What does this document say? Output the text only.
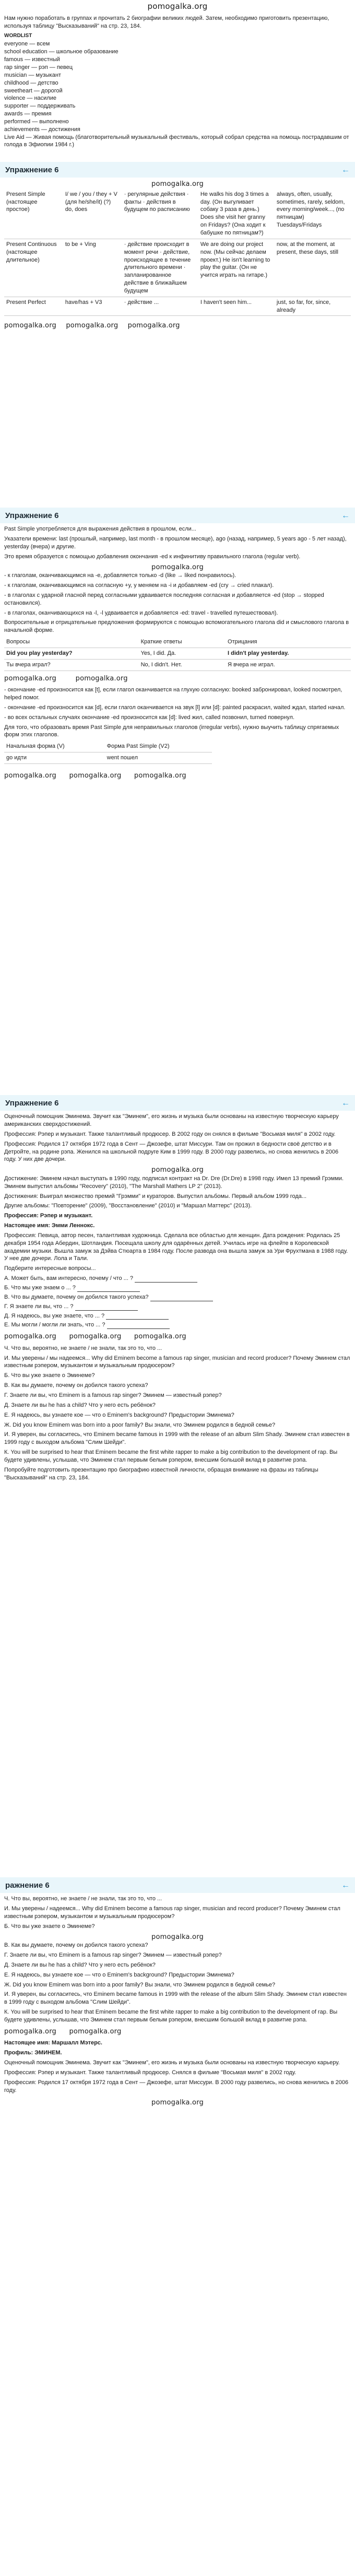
pomogalka.org

Нам нужно поработать в группах и прочитать 2 биографии великих людей. Затем, необходимо приготовить презентацию, используя таблицу "Высказываний" на стр. 23, 184.

WORDLIST
everyone — всем
school education — школьное образование
famous — известный
rap singer — рэп — певец
musician — музыкант
childhood — детство
sweetheart — дорогой
violence — насилие
supporter — поддерживать
awards — премия
performed — выполнено
achievements — достижения
Live Aid — Живая помощь (благотворительный музыкальный фестиваль, который собрал средства на помощь пострадавшим от голода в Эфиопии 1984 г.)
Упражнение 6	←
pomogalka.org
Present Simple (настоящее простое)	I/ we / you / they + V (для he/she/it) (?) do, does	· регулярные действия · факты · действия в будущем по расписанию	He walks his dog 3 times a day. (Он выгуливает собаку 3 раза в день.) Does she visit her granny on Fridays? (Она ходит к бабушке по пятницам?)	always, often, usually, sometimes, rarely, seldom, every morning/week..., (по пятницам) Tuesdays/Fridays
Present Continuous (настоящее длительное)	to be + Ving	· действие происходит в момент речи · действие, происходящее в течение длительного времени · запланированное действие в ближайшем будущем	We are doing our project now. (Мы сейчас делаем проект.) He isn't learning to play the guitar. (Он не учится играть на гитаре.)	now, at the moment, at present, these days, still
Present Perfect	have/has + V3	· действие ...	I haven't seen him...	just, so far, for, since, already
pomogalka.org pomogalka.org pomogalka.org
Упражнение 6	←

Past Simple употребляется для выражения действия в прошлом, если...

Указатели времени: last (прошлый, например, last month - в прошлом месяце), ago (назад, например, 5 years ago - 5 лет назад), yesterday (вчера) и другие.

Это время образуется с помощью добавления окончания -ed к инфинитиву правильного глагола (regular verb).

pomogalka.org

- к глаголам, оканчивающимся на -e, добавляется только -d (like → liked понравилось).

- к глаголам, оканчивающимся на согласную +y, у меняем на -i и добавляем -ed (cry → cried плакал).

- в глаголах с ударной гласной перед согласными удваивается последняя согласная и добавляется -ed (stop → stopped остановился).

- в глаголах, оканчивающихся на -l, -l удваивается и добавляется -ed: travel - travelled путешествовал).

Вопросительные и отрицательные предложения формируются с помощью вспомогательного глагола did и смыслового глагола в начальной форме.

Вопросы	Краткие ответы	Отрицания
Did you play yesterday?	Yes, I did. Да.	I didn't play yesterday.
Ты вчера играл?	No, I didn't. Нет.	Я вчера не играл.
pomogalka.org	pomogalka.org

- окончание -ed произносится как [t], если глагол оканчивается на глухую согласную: booked забронировал, looked посмотрел, helped помог.

- окончание -ed произносится как [d], если глагол оканчивается на звук [l] или [d]: painted раскрасил, waited ждал, started начал.

- во всех остальных случаях окончание -ed произносится как [d]: lived жил, called позвонил, turned повернул.

Для того, что образовать время Past Simple для неправильных глаголов (irregular verbs), нужно выучить таблицу спрягаемых форм этих глаголов.

Начальная форма (V)	Форма Past Simple (V2)
go идти	went пошел
pomogalka.org pomogalka.org pomogalka.org
Упражнение 6	←

Оценочный помощник Эминема. Звучит как "Эминем", его жизнь и музыка были основаны на известную творческую карьеру американских сверхдостижений.

Профессия: Рэпер и музыкант. Также талантливый продюсер. В 2002 году он снялся в фильме "Восьмая миля" в 2002 году.

Профессия: Родился 17 октября 1972 года в Сент — Джозефе, штат Миссури. Там он прожил в бедности своё детство и в Детройте, на родине рэпа. Женился на школьной подруге Ким в 1999 году. В 2000 году развелись, но снова женились в 2006 году. У них две дочери.

pomogalka.org

Достижение: Эминем начал выступать в 1990 году, подписал контракт на Dr. Dre (Dr.Dre) в 1998 году. Имел 13 премий Грэмми. Эминем выпустил альбомы "Recovery" (2010), "The Marshall Mathers LP 2" (2013).

Достижения: Выиграл множество премий "Грэмми" и кураторов. Выпустил альбомы. Первый альбом 1999 года...

Другие альбомы: "Повторение" (2009), "Восстановление" (2010) и "Маршал Маттерс" (2013).

Профессия: Рэпер и музыкант.

Настоящее имя: Эмми Леннокс.

Профессия: Певица, автор песен, талантливая художница. Сделала все областью для женщин. Дата рождения: Родилась 25 декабря 1954 года Абердин, Шотландия. Посещала школу для одарённых детей. Училась игре на флейте в Королевской академии музыки. Вышла замуж за Дэйва Стюарта в 1984 году. После развода она вышла замуж за Ури Фрухтмана в 1988 году. У нее две дочери. Лола и Тали.

Подберите интересные вопросы...

А. Может быть, вам интересно, почему / что ... ?
Б. Что мы уже знаем о ... ?
В. Что вы думаете, почему он добился такого успеха?
Г. Я знаете ли вы, что ... ?
Д. Я надеюсь, вы уже знаете, что ... ?
Е. Мы могли / могли ли знать, что ... ?
pomogalka.org pomogalka.org pomogalka.org

Ч. Что вы, вероятно, не знаете / не знали, так это то, что ...

И. Мы уверены / мы надеемся... Why did Eminem become a famous rap singer, musician and record producer? Почему Эминем стал известным рэпером, музыкантом и музыкальным продюсером?

Б. Что вы уже знаете о Эминеме?

В. Как вы думаете, почему он добился такого успеха?

Г. Знаете ли вы, что Eminem is a famous rap singer? Эминем — известный рэпер?

Д. Знаете ли вы he has a child? Что у него есть ребёнок?

Е. Я надеюсь, вы узнаете кое — что о Eminem's background? Предыстории Эминема?

Ж. Did you know Eminem was born into a poor family? Вы знали, что Эминем родился в бедной семье?

И. Я уверен, вы согласитесь, что Eminem became famous in 1999 with the release of an album Slim Shady. Эминем стал известен в 1999 году с выходом альбома "Слим Шейди".

К. You will be surprised to hear that Eminem became the first white rapper to make a big contribution to the development of rap. Вы будете удивлены, услышав, что Эминем стал первым белым рэпером, внесшим большой вклад в развитие рэпа.

Попробуйте подготовить презентацию про биографию известной личности, обращая внимание на фразы из таблицы "Высказываний" на стр. 23, 184.

ражнение 6	←

Ч. Что вы, вероятно, не знаете / не знали, так это то, что ...

И. Мы уверены / надеемся... Why did Eminem become a famous rap singer, musician and record producer? Почему Эминем стал известным рэпером, музыкантом и музыкальным продюсером?

Б. Что вы уже знаете о Эминеме?

pomogalka.org

В. Как вы думаете, почему он добился такого успеха?

Г. Знаете ли вы, что Eminem is a famous rap singer? Эминем — известный рэпер?

Д. Знаете ли вы he has a child? Что у него есть ребёнок?

Е. Я надеюсь, вы узнаете кое — что о Eminem's background? Предыстории Эминема?

Ж. Did you know Eminem was born into a poor family? Вы знали, что Эминем родился в бедной семье?

И. Я уверен, вы согласитесь, что Eminem became famous in 1999 with the release of the album Slim Shady. Эминем стал известен в 1999 году с выходом альбома "Слим Шейди".

К. You will be surprised to hear that Eminem became the first white rapper to make a big contribution to the development of rap. Вы будете удивлены, услышав, что Эминем стал первым белым рэпером, внесшим большой вклад в развитие рэпа.

pomogalka.org pomogalka.org

Настоящее имя: Маршалл Мэтерс.

Профиль: ЭМИНЕМ.

Оценочный помощник Эминема. Звучит как "Эминем", его жизнь и музыка были основаны на известную творческую карьеру.

Профессия: Рэпер и музыкант. Также талантливый продюсер. Снялся в фильме "Восьмая миля" в 2002 году.

Профессия: Родился 17 октября 1972 года в Сент — Джозефе, штат Миссури. В 2000 году развелись, но снова женились в 2006 году.

pomogalka.org
